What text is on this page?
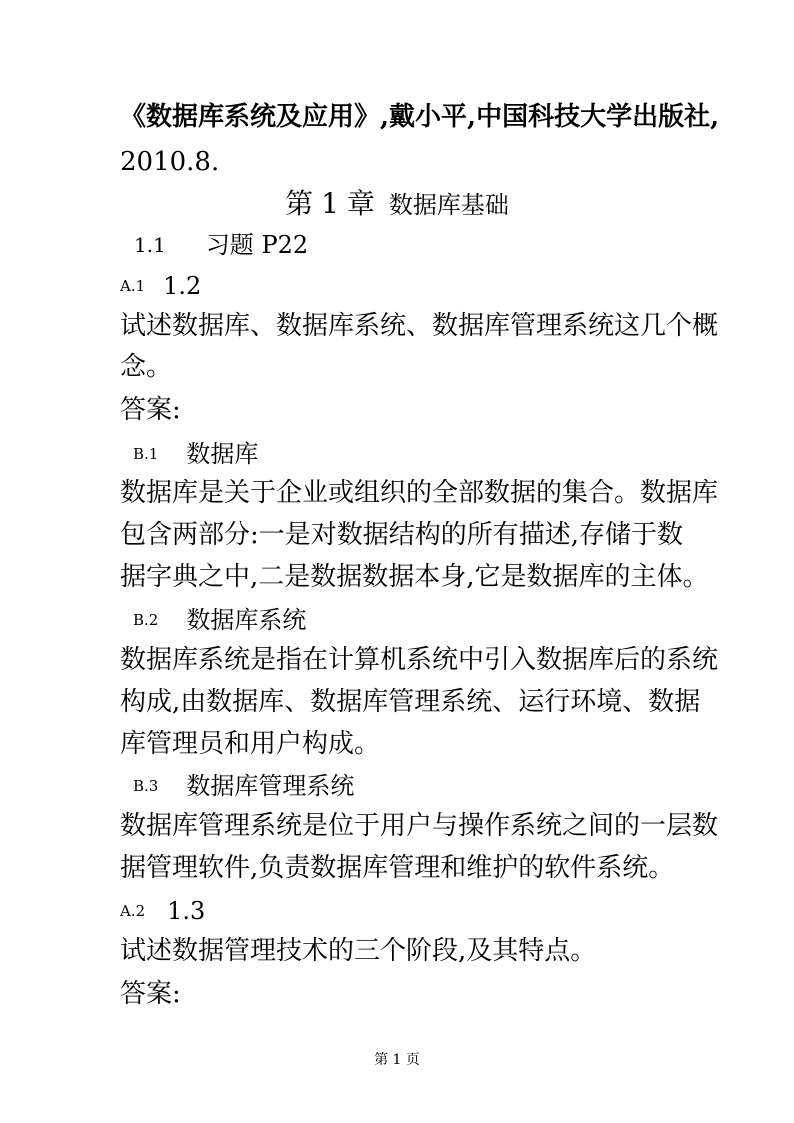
《数据库系统及应用》,戴小平,中国科技大学出版社,
2010.8.
第 1 章 数据库基础
1.1 习题 P22
A.1 1.2
试述数据库、数据库系统、数据库管理系统这几个概
念。
答案:
B.1 数据库
数据库是关于企业或组织的全部数据的集合。数据库
包含两部分:一是对数据结构的所有描述,存储于数
据字典之中,二是数据数据本身,它是数据库的主体。
B.2 数据库系统
数据库系统是指在计算机系统中引入数据库后的系统
构成,由数据库、数据库管理系统、运行环境、数据
库管理员和用户构成。
B.3 数据库管理系统
数据库管理系统是位于用户与操作系统之间的一层数
据管理软件,负责数据库管理和维护的软件系统。
A.2 1.3
试述数据管理技术的三个阶段,及其特点。
答案:
第 1 页
